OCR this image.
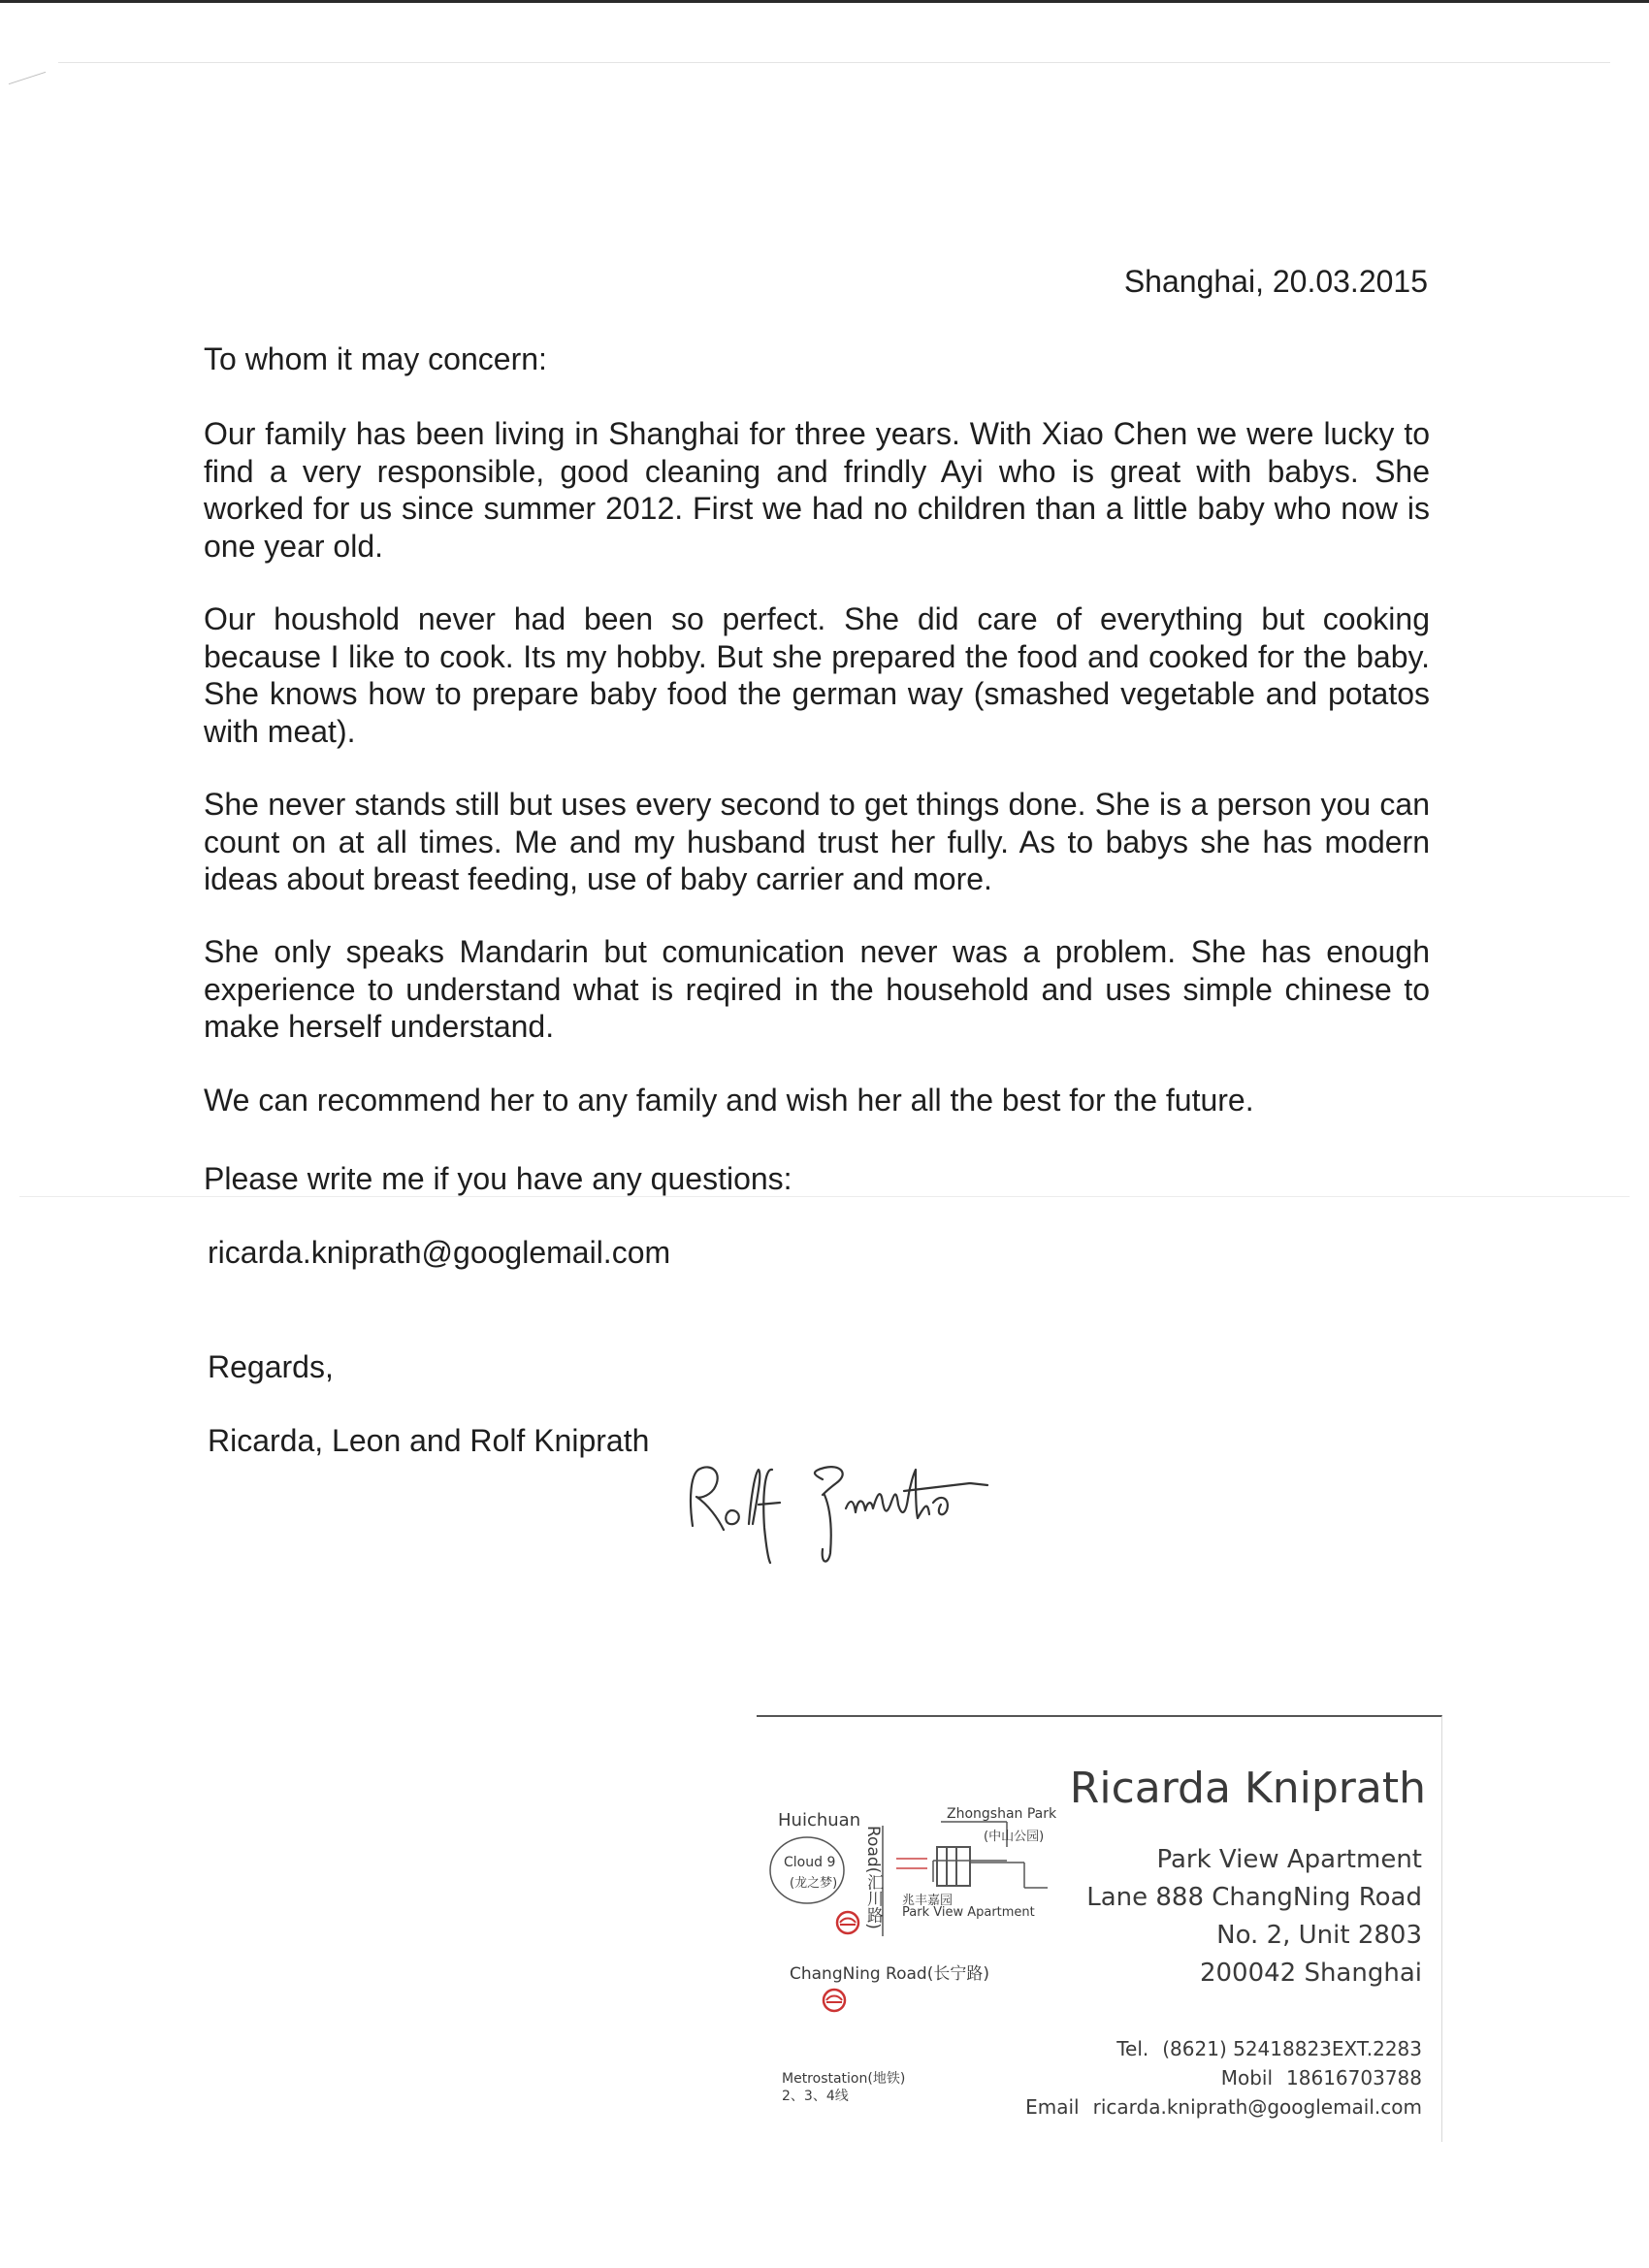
Shanghai, 20.03.2015
To whom it may concern:

Our family has been living in Shanghai for three years. With Xiao Chen we were lucky to find a very responsible, good cleaning and frindly Ayi who is great with babys. She worked for us since summer 2012. First we had no children than a little baby who now is one year old.

Our houshold never had been so perfect. She did care of everything but cooking because I like to cook. Its my hobby. But she prepared the food and cooked for the baby. She knows how to prepare baby food the german way (smashed vegetable and potatos with meat).

She never stands still but uses every second to get things done. She is a person you can count on at all times. Me and my husband trust her fully. As to babys she has modern ideas about breast feeding, use of baby carrier and more.

She only speaks Mandarin but comunication never was a problem. She has enough experience to understand what is reqired in the household and uses simple chinese to make herself understand.

We can recommend her to any family and wish her all the best for the future.

Please write me if you have any questions:

ricarda.kniprath@googlemail.com
Regards,
Ricarda, Leon and Rolf Kniprath
Huichuan
Road(汇川路)
Zhongshan Park
(中山公园)
Cloud 9
(龙之梦)
兆丰嘉园
Park View Apartment
ChangNing Road(长宁路)
Metrostation(地铁)
2、3、4线
Ricarda Kniprath
Park View Apartment
Lane 888 ChangNing Road
No. 2, Unit 2803
200042 Shanghai
Tel. (8621) 52418823EXT.2283
Mobil 18616703788
Email ricarda.kniprath@googlemail.com
